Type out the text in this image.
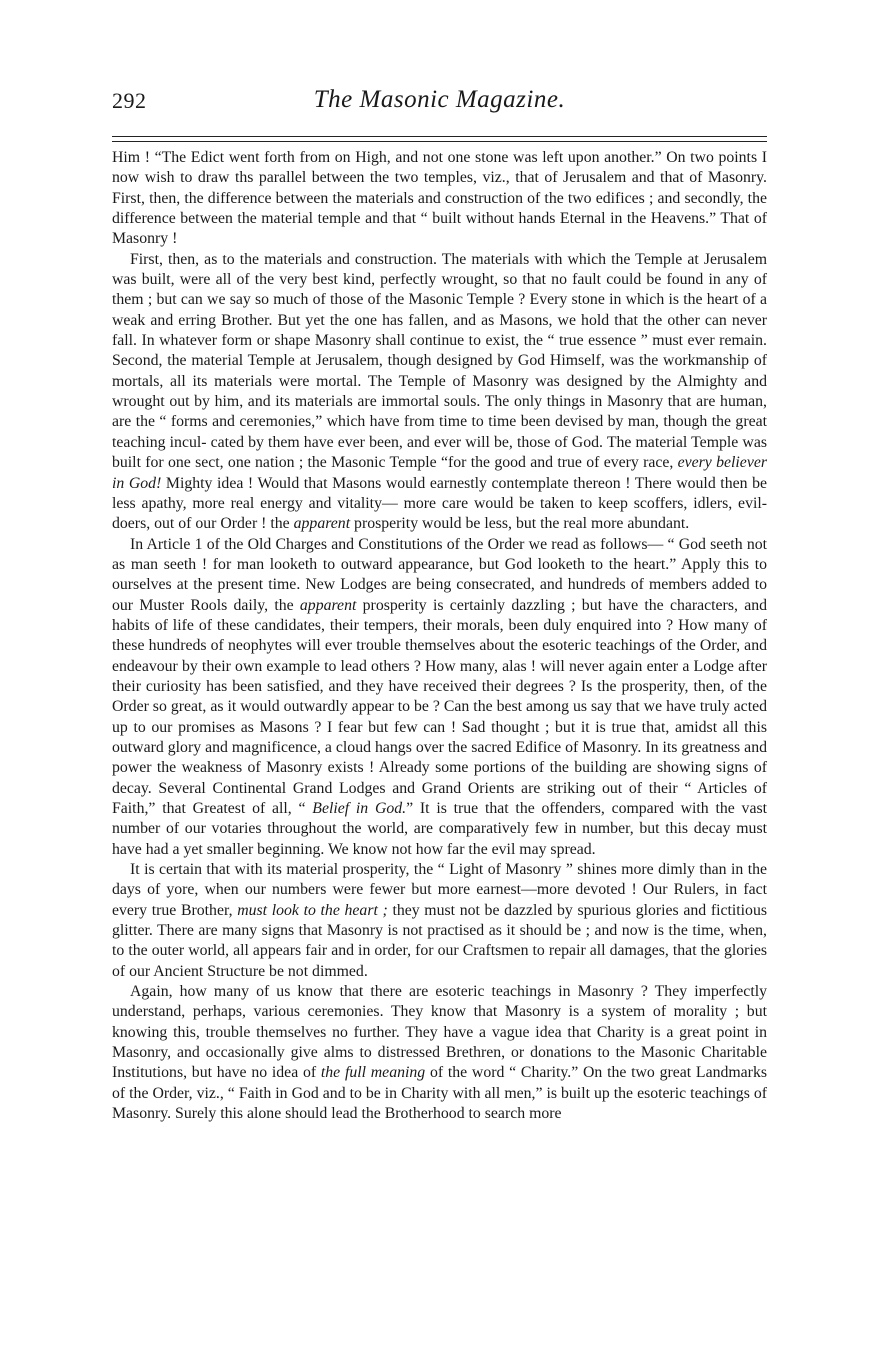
292	The Masonic Magazine.

Him ! “The Edict went forth from on High, and not one stone was left upon another.” On two points I now wish to draw ths parallel between the two temples, viz., that of Jerusalem and that of Masonry. First, then, the difference between the materials and construction of the two edifices ; and secondly, the difference between the material temple and that “ built without hands Eternal in the Heavens.” That of Masonry !

First, then, as to the materials and construction. The materials with which the Temple at Jerusalem was built, were all of the very best kind, perfectly wrought, so that no fault could be found in any of them ; but can we say so much of those of the Masonic Temple ? Every stone in which is the heart of a weak and erring Brother. But yet the one has fallen, and as Masons, we hold that the other can never fall. In whatever form or shape Masonry shall continue to exist, the “ true essence ” must ever remain. Second, the material Temple at Jerusalem, though designed by God Himself, was the workmanship of mortals, all its materials were mortal. The Temple of Masonry was designed by the Almighty and wrought out by him, and its materials are immortal souls. The only things in Masonry that are human, are the “ forms and ceremonies,” which have from time to time been devised by man, though the great teaching incul- cated by them have ever been, and ever will be, those of God. The material Temple was built for one sect, one nation ; the Masonic Temple “for the good and true of every race, every believer in God! Mighty idea ! Would that Masons would earnestly contemplate thereon ! There would then be less apathy, more real energy and vitality— more care would be taken to keep scoffers, idlers, evil-doers, out of our Order ! the apparent prosperity would be less, but the real more abundant.

In Article 1 of the Old Charges and Constitutions of the Order we read as follows— “ God seeth not as man seeth ! for man looketh to outward appearance, but God looketh to the heart.” Apply this to ourselves at the present time. New Lodges are being consecrated, and hundreds of members added to our Muster Rools daily, the apparent prosperity is certainly dazzling ; but have the characters, and habits of life of these candidates, their tempers, their morals, been duly enquired into ? How many of these hundreds of neophytes will ever trouble themselves about the esoteric teachings of the Order, and endeavour by their own example to lead others ? How many, alas ! will never again enter a Lodge after their curiosity has been satisfied, and they have received their degrees ? Is the prosperity, then, of the Order so great, as it would outwardly appear to be ? Can the best among us say that we have truly acted up to our promises as Masons ? I fear but few can ! Sad thought ; but it is true that, amidst all this outward glory and magnificence, a cloud hangs over the sacred Edifice of Masonry. In its greatness and power the weakness of Masonry exists ! Already some portions of the building are showing signs of decay. Several Continental Grand Lodges and Grand Orients are striking out of their “ Articles of Faith,” that Greatest of all, “ Belief in God.” It is true that the offenders, compared with the vast number of our votaries throughout the world, are comparatively few in number, but this decay must have had a yet smaller beginning. We know not how far the evil may spread.

It is certain that with its material prosperity, the “ Light of Masonry ” shines more dimly than in the days of yore, when our numbers were fewer but more earnest—more devoted ! Our Rulers, in fact every true Brother, must look to the heart ; they must not be dazzled by spurious glories and fictitious glitter. There are many signs that Masonry is not practised as it should be ; and now is the time, when, to the outer world, all appears fair and in order, for our Craftsmen to repair all damages, that the glories of our Ancient Structure be not dimmed.

Again, how many of us know that there are esoteric teachings in Masonry ? They imperfectly understand, perhaps, various ceremonies. They know that Masonry is a system of morality ; but knowing this, trouble themselves no further. They have a vague idea that Charity is a great point in Masonry, and occasionally give alms to distressed Brethren, or donations to the Masonic Charitable Institutions, but have no idea of the full meaning of the word “ Charity.” On the two great Landmarks of the Order, viz., “ Faith in God and to be in Charity with all men,” is built up the esoteric teachings of Masonry. Surely this alone should lead the Brotherhood to search more
